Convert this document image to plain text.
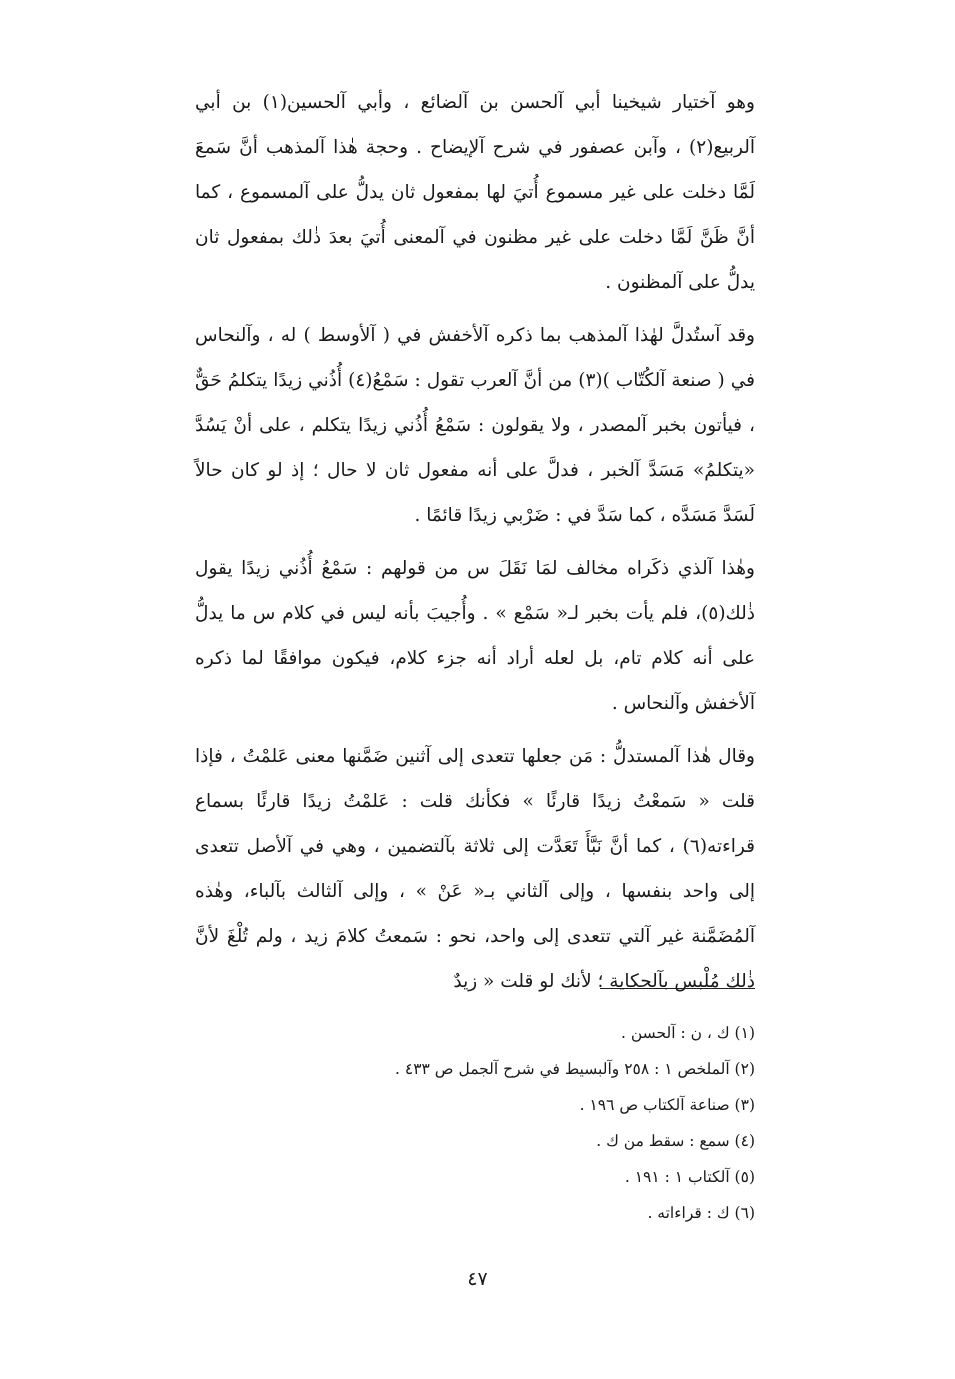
وهو آختيار شيخينا أبي آلحسن بن آلضائع ، وأبي آلحسين(١) بن أبي آلربيع(٢) ، وآبن عصفور في شرح آلإيضاح . وحجة هٰذا آلمذهب أنَّ سَمعَ لَمَّا دخلت على غير مسموع أُتيَ لها بمفعول ثان يدلُّ على آلمسموع ، كما أنَّ ظَنَّ لَمَّا دخلت على غير مظنون في آلمعنى أُتيَ بعدَ ذٰلك بمفعول ثان يدلُّ على آلمظنون .

وقد آستُدلَّ لهٰذا آلمذهب بما ذكره آلأخفش في ( آلأوسط ) له ، وآلنحاس في ( صنعة آلكُتّاب )(٣) من أنَّ آلعرب تقول : سَمْعُ(٤) أُذُني زيدًا يتكلمُ حَقٌّ ، فيأتون بخبر آلمصدر ، ولا يقولون : سَمْعُ أُذُني زيدًا يتكلم ، على أنْ يَسُدَّ «يتكلمُ» مَسَدَّ آلخبر ، فدلَّ على أنه مفعول ثان لا حال ؛ إذ لو كان حالاً لَسَدَّ مَسَدَّه ، كما سَدَّ في : ضَرْبي زيدًا قائمًا .

وهٰذا آلذي ذكَراه مخالف لمَا نَقَلَ س من قولهم : سَمْعُ أُذُني زيدًا يقول ذٰلك(٥)، فلم يأت بخبر لـ« سَمْع » . وأُجيبَ بأنه ليس في كلام س ما يدلُّ على أنه كلام تام، بل لعله أراد أنه جزء كلام، فيكون موافقًا لما ذكره آلأخفش وآلنحاس .

وقال هٰذا آلمستدلُّ : مَن جعلها تتعدى إلى آثنين ضَمَّنها معنى عَلمْتُ ، فإذا قلت « سَمعْتُ زيدًا قارئًا » فكأنك قلت : عَلمْتُ زيدًا قارئًا بسماع قراءته(٦) ، كما أنَّ نَبَّأَ تَعَدَّت إلى ثلاثة بآلتضمين ، وهي في آلأصل تتعدى إلى واحد بنفسها ، وإلى آلثاني بـ« عَنْ » ، وإلى آلثالث بآلباء، وهٰذه آلمُضَمَّنة غير آلتي تتعدى إلى واحد، نحو : سَمعتُ كلامَ زيد ، ولم تُلْغَ لأنَّ ذٰلك مُلْبس بآلحكاية ؛ لأنك لو قلت « زيدٌ

(١) ك ، ن : آلحسن .

(٢) آلملخص ١ : ٢٥٨ وآلبسيط في شرح آلجمل ص ٤٣٣ .

(٣) صناعة آلكتاب ص ١٩٦ .

(٤) سمع : سقط من ك .

(٥) آلكتاب ١ : ١٩١ .

(٦) ك : قراءاته .

٤٧
